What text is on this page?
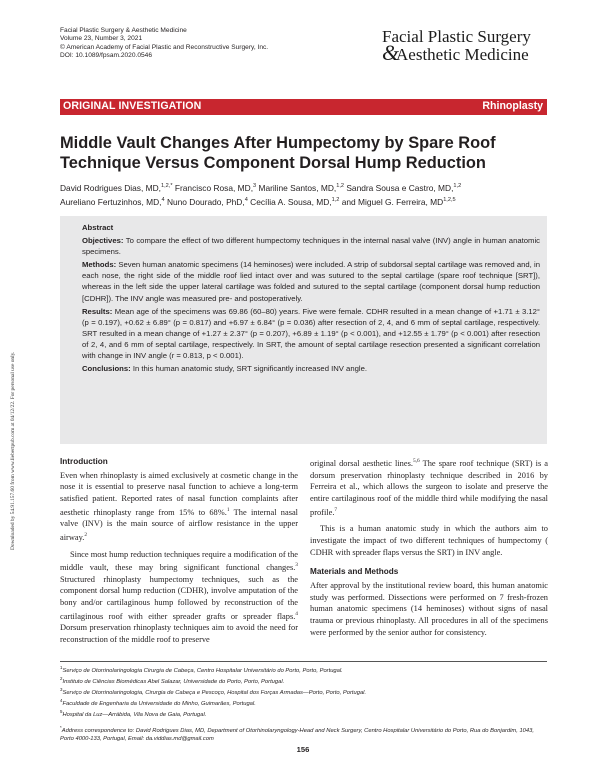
Facial Plastic Surgery & Aesthetic Medicine
Volume 23, Number 3, 2021
© American Academy of Facial Plastic and Reconstructive Surgery, Inc.
DOI: 10.1089/fpsam.2020.0546
Facial Plastic Surgery
&
Aesthetic Medicine
ORIGINAL INVESTIGATION	Rhinoplasty
Middle Vault Changes After Humpectomy by Spare Roof Technique Versus Component Dorsal Hump Reduction
David Rodrigues Dias, MD,$^{1,2,*}$ Francisco Rosa, MD,$^3$ Mariline Santos, MD,$^{1,2}$ Sandra Sousa e Castro, MD,$^{1,2}$
Aureliano Fertuzinhos, MD,$^4$ Nuno Dourado, PhD,$^4$ Cecília A. Sousa, MD,$^{1,2}$ and Miguel G. Ferreira, MD$^{1,2,5}$
Abstract

Objectives: To compare the effect of two different humpectomy techniques in the internal nasal valve (INV) angle in human anatomic specimens.

Methods: Seven human anatomic specimens (14 heminoses) were included. A strip of subdorsal septal cartilage was removed and, in each nose, the right side of the middle roof lied intact over and was sutured to the septal cartilage (spare roof technique [SRT]), whereas in the left side the upper lateral cartilage was folded and sutured to the septal cartilage (component dorsal hump reduction [CDHR]). The INV angle was measured pre- and postoperatively.

Results: Mean age of the specimens was 69.86 (60–80) years. Five were female. CDHR resulted in a mean change of +1.71 ± 3.12° (p = 0.197), +0.62 ± 6.89° (p = 0.817) and +6.97 ± 6.84° (p = 0.036) after resection of 2, 4, and 6 mm of septal cartilage, respectively. SRT resulted in a mean change of +1.27 ± 2.37° (p = 0.207), +6.89 ± 1.19° (p < 0.001), and +12.55 ± 1.79° (p < 0.001) after resection of 2, 4, and 6 mm of septal cartilage, respectively. In SRT, the amount of septal cartilage resection presented a significant correlation with change in INV angle (r = 0.813, p < 0.001).

Conclusions: In this human anatomic study, SRT significantly increased INV angle.

Downloaded by 54.91.157.60 from www.liebertpub.com at 04/12/22. For personal use only.	Introduction

Even when rhinoplasty is aimed exclusively at cosmetic change in the nose it is essential to preserve nasal function to achieve a long-term satisfied patient. Reported rates of nasal function complaints after aesthetic rhinoplasty range from 15% to 68%.$^1$ The internal nasal valve (INV) is the main source of airflow resistance in the upper airway.$^2$

Since most hump reduction techniques require a modification of the middle vault, these may bring significant functional changes.$^3$ Structured rhinoplasty humpectomy techniques, such as the component dorsal hump reduction (CDHR), involve amputation of the bony and/or cartilaginous hump followed by reconstruction of the cartilaginous roof with either spreader grafts or spreader flaps.$^4$ Dorsum preservation rhinoplasty techniques aim to avoid the need for reconstruction of the middle roof to preserve

original dorsal aesthetic lines.$^{5,6}$ The spare roof technique (SRT) is a dorsum preservation rhinoplasty technique described in 2016 by Ferreira et al., which allows the surgeon to isolate and preserve the entire cartilaginous roof of the middle third while modifying the nasal profile.$^7$

This is a human anatomic study in which the authors aim to investigate the impact of two different techniques of humpectomy ( CDHR with spreader flaps versus the SRT) in INV angle.

Materials and Methods

After approval by the institutional review board, this human anatomic study was performed. Dissections were performed on 7 fresh-frozen human anatomic specimens (14 heminoses) without signs of nasal trauma or previous rhinoplasty. All procedures in all of the specimens were performed by the senior author for consistency.

$^1$Serviço de Otorrinolaringologia Cirurgia de Cabeça, Centro Hospitalar Universitário do Porto, Porto, Portugal.
$^2$Instituto de Ciências Biomédicas Abel Salazar, Universidade do Porto, Porto, Portugal.
$^3$Serviço de Otorrinolaringologia, Cirurgia de Cabeça e Pescoço, Hospital dos Forças Armadas—Porto, Porto, Portugal.
$^4$Faculdade de Engenharia da Universidade do Minho, Guimarães, Portugal.
$^5$Hospital da Luz—Arrábida, Vila Nova de Gaia, Portugal.
*Address correspondence to: David Rodrigues Dias, MD, Department of Otorhinolaryngology-Head and Neck Surgery, Centro Hospitalar Universitário do Porto, Rua do Bonjardim, 1043, Porto 4000-133, Portugal, Email: da.viddias.md@gmail.com
156
